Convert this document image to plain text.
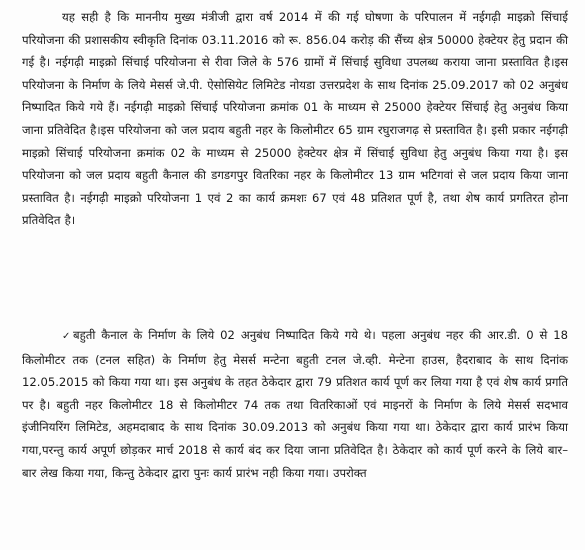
यह सही है कि माननीय मुख्य मंत्रीजी द्वारा वर्ष 2014 में की गई घोषणा के परिपालन में नईगढ़ी माइक्रो सिंचाई परियोजना की प्रशासकीय स्वीकृति दिनांक 03.11.2016 को रू. 856.04 करोड़ की सैंच्य क्षेत्र 50000 हेक्टेयर हेतु प्रदान की गई है। नईगढ़ी माइक्रो सिंचाई परियोजना से रीवा जिले के 576 ग्रामों में सिंचाई सुविधा उपलब्ध कराया जाना प्रस्तावित है।इस परियोजना के निर्माण के लिये मेसर्स जे.पी. ऐसोसियेट लिमिटेड नोयडा उत्तरप्रदेश के साथ दिनांक 25.09.2017 को 02 अनुबंध निष्पादित किये गये हैं। नईगढ़ी माइक्रो सिंचाई परियोजना क्रमांक 01 के माध्यम से 25000 हेक्टेयर सिंचाई हेतु अनुबंध किया जाना प्रतिवेदित है।इस परियोजना को जल प्रदाय बहुती नहर के किलोमीटर 65 ग्राम रघुराजगढ़ से प्रस्तावित है। इसी प्रकार नईगढ़ी माइक्रो सिंचाई परियोजना क्रमांक 02 के माध्यम से 25000 हेक्टेयर क्षेत्र में सिंचाई सुविधा हेतु अनुबंध किया गया है। इस परियोजना को जल प्रदाय बहुती कैनाल की डगडगपुर वितरिका नहर के किलोमीटर 13 ग्राम भटिगवां से जल प्रदाय किया जाना प्रस्तावित है। नईगढ़ी माइक्रो परियोजना 1 एवं 2 का कार्य क्रमशः 67 एवं 48 प्रतिशत पूर्ण है, तथा शेष कार्य प्रगतिरत होना प्रतिवेदित है।

✓ बहुती कैनाल के निर्माण के लिये 02 अनुबंध निष्पादित किये गये थे। पहला अनुबंध नहर की आर.डी. 0 से 18 किलोमीटर तक (टनल सहित) के निर्माण हेतु मेसर्स मन्टेना बहुती टनल जे.व्ही. मेन्टेना हाउस, हैदराबाद के साथ दिनांक 12.05.2015 को किया गया था। इस अनुबंध के तहत ठेकेदार द्वारा 79 प्रतिशत कार्य पूर्ण कर लिया गया है एवं शेष कार्य प्रगति पर है। बहुती नहर किलोमीटर 18 से किलोमीटर 74 तक तथा वितरिकाओं एवं माइनरों के निर्माण के लिये मेसर्स सदभाव इंजीनियरिंग लिमिटेड, अहमदाबाद के साथ दिनांक 30.09.2013 को अनुबंध किया गया था। ठेकेदार द्वारा कार्य प्रारंभ किया गया,परन्तु कार्य अपूर्ण छोड़कर मार्च 2018 से कार्य बंद कर दिया जाना प्रतिवेदित है। ठेकेदार को कार्य पूर्ण करने के लिये बार–बार लेख किया गया, किन्तु ठेकेदार द्वारा पुनः कार्य प्रारंभ नही किया गया। उपरोक्त
